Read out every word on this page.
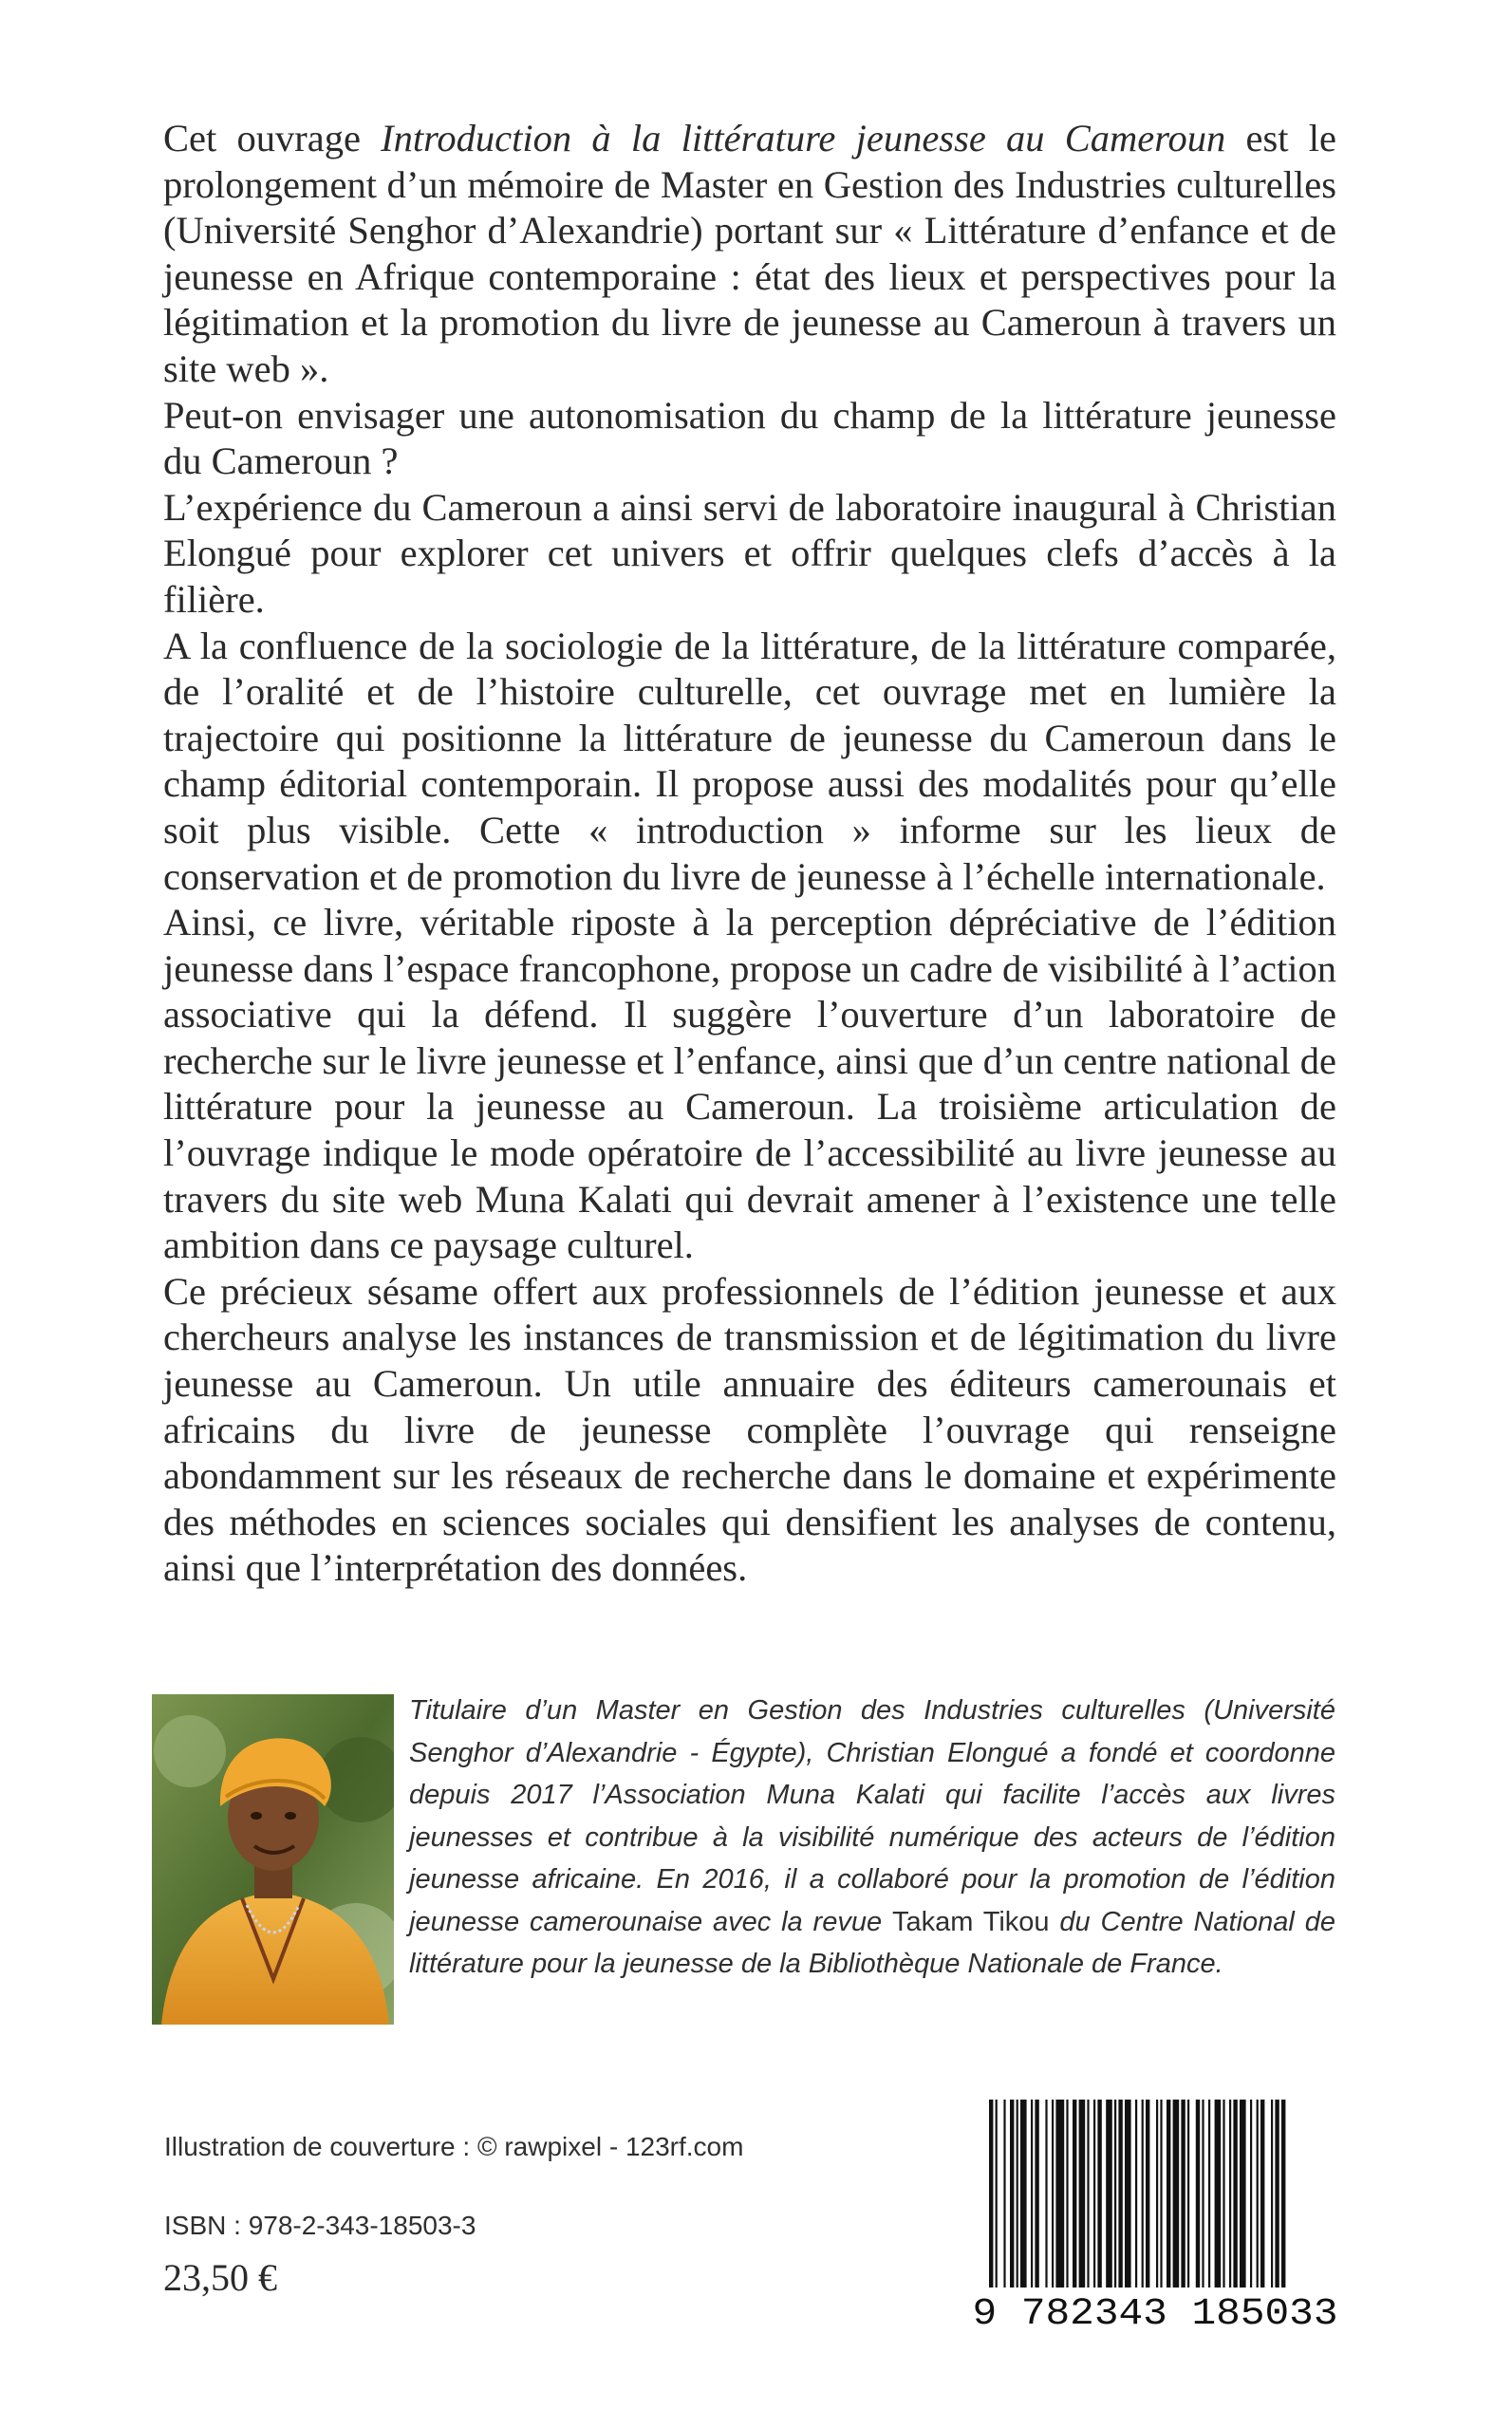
Cet ouvrage Introduction à la littérature jeunesse au Cameroun est le prolongement d’un mémoire de Master en Gestion des Industries culturelles (Université Senghor d’Alexandrie) portant sur « Littérature d’enfance et de jeunesse en Afrique contemporaine : état des lieux et perspectives pour la légitimation et la promotion du livre de jeunesse au Cameroun à travers un site web ».

Peut-on envisager une autonomisation du champ de la littérature jeunesse du Cameroun ?

L’expérience du Cameroun a ainsi servi de laboratoire inaugural à Christian Elongué pour explorer cet univers et offrir quelques clefs d’accès à la filière.

A la confluence de la sociologie de la littérature, de la littérature comparée, de l’oralité et de l’histoire culturelle, cet ouvrage met en lumière la trajectoire qui positionne la littérature de jeunesse du Cameroun dans le champ éditorial contemporain. Il propose aussi des modalités pour qu’elle soit plus visible. Cette « introduction » informe sur les lieux de conservation et de promotion du livre de jeunesse à l’échelle internationale.

Ainsi, ce livre, véritable riposte à la perception dépréciative de l’édition jeunesse dans l’espace francophone, propose un cadre de visibilité à l’action associative qui la défend. Il suggère l’ouverture d’un laboratoire de recherche sur le livre jeunesse et l’enfance, ainsi que d’un centre national de littérature pour la jeunesse au Cameroun. La troisième articulation de l’ouvrage indique le mode opératoire de l’accessibilité au livre jeunesse au travers du site web Muna Kalati qui devrait amener à l’existence une telle ambition dans ce paysage culturel.

Ce précieux sésame offert aux professionnels de l’édition jeunesse et aux chercheurs analyse les instances de transmission et de légitimation du livre jeunesse au Cameroun. Un utile annuaire des éditeurs camerounais et africains du livre de jeunesse complète l’ouvrage qui renseigne abondamment sur les réseaux de recherche dans le domaine et expérimente des méthodes en sciences sociales qui densifient les analyses de contenu, ainsi que l’interprétation des données.

Titulaire d’un Master en Gestion des Industries culturelles (Université Senghor d’Alexandrie - Égypte), Christian Elongué a fondé et coordonne depuis 2017 l’Association Muna Kalati qui facilite l’accès aux livres jeunesses et contribue à la visibilité numérique des acteurs de l’édition jeunesse africaine. En 2016, il a collaboré pour la promotion de l’édition jeunesse camerounaise avec la revue Takam Tikou du Centre National de littérature pour la jeunesse de la Bibliothèque Nationale de France.

Illustration de couverture : © rawpixel - 123rf.com
ISBN : 978-2-343-18503-3
23,50 €
9 782343 185033
